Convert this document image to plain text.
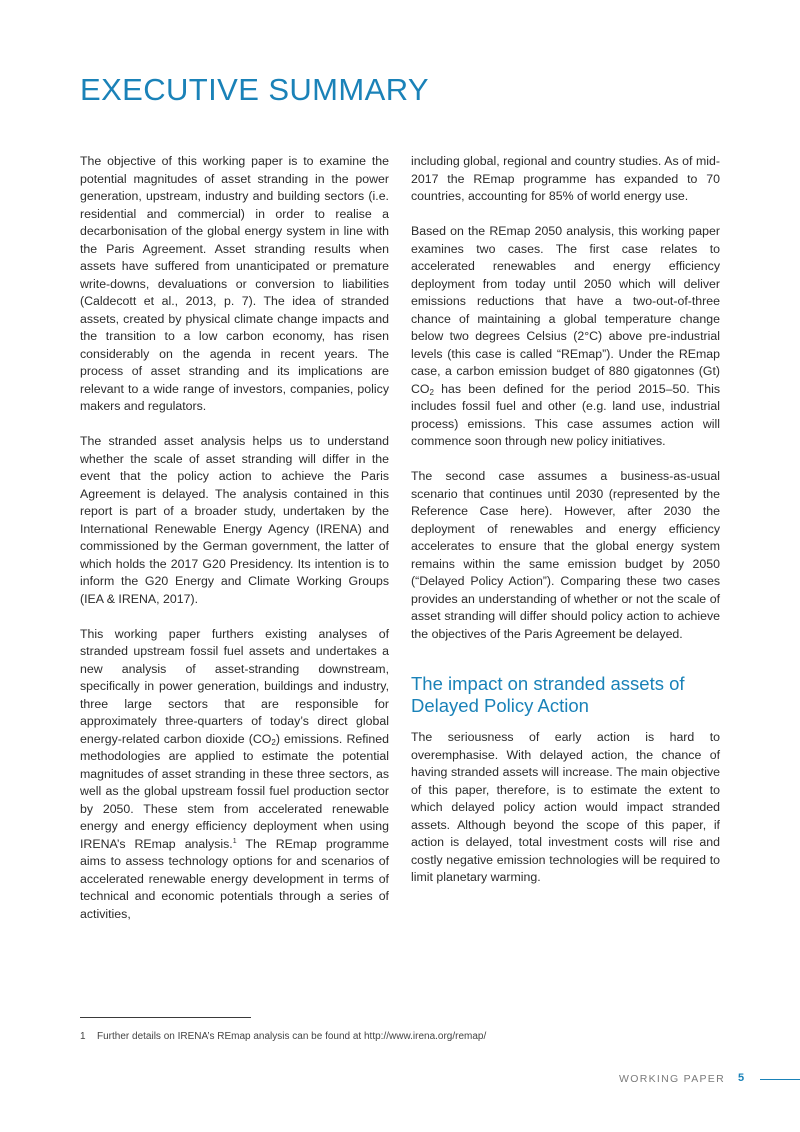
EXECUTIVE SUMMARY

The objective of this working paper is to examine the potential magnitudes of asset stranding in the power generation, upstream, industry and building sectors (i.e. residential and commercial) in order to realise a decarbonisation of the global energy system in line with the Paris Agreement. Asset stranding results when assets have suffered from unanticipated or premature write-downs, devaluations or conversion to liabilities (Caldecott et al., 2013, p. 7). The idea of stranded assets, created by physical climate change impacts and the transition to a low carbon economy, has risen considerably on the agenda in recent years. The process of asset stranding and its implications are relevant to a wide range of investors, companies, policy makers and regulators.

The stranded asset analysis helps us to understand whether the scale of asset stranding will differ in the event that the policy action to achieve the Paris Agreement is delayed. The analysis contained in this report is part of a broader study, undertaken by the International Renewable Energy Agency (IRENA) and commissioned by the German government, the latter of which holds the 2017 G20 Presidency. Its intention is to inform the G20 Energy and Climate Working Groups (IEA & IRENA, 2017).

This working paper furthers existing analyses of stranded upstream fossil fuel assets and undertakes a new analysis of asset-stranding downstream, specifically in power generation, buildings and industry, three large sectors that are responsible for approximately three-quarters of today’s direct global energy-related carbon dioxide $(CO_2)$ emissions. Refined methodologies are applied to estimate the potential magnitudes of asset stranding in these three sectors, as well as the global upstream fossil fuel production sector by 2050. These stem from accelerated renewable energy and energy efficiency deployment when using IRENA’s REmap analysis.$^1$ The REmap programme aims to assess technology options for and scenarios of accelerated renewable energy development in terms of technical and economic potentials through a series of activities,

including global, regional and country studies. As of mid-2017 the REmap programme has expanded to 70 countries, accounting for 85% of world energy use.

Based on the REmap 2050 analysis, this working paper examines two cases. The first case relates to accelerated renewables and energy efficiency deployment from today until 2050 which will deliver emissions reductions that have a two-out-of-three chance of maintaining a global temperature change below two degrees Celsius (2°C) above pre-industrial levels (this case is called “REmap”). Under the REmap case, a carbon emission budget of 880 gigatonnes (Gt) $CO_2$ has been defined for the period 2015–50. This includes fossil fuel and other (e.g. land use, industrial process) emissions. This case assumes action will commence soon through new policy initiatives.

The second case assumes a business-as-usual scenario that continues until 2030 (represented by the Reference Case here). However, after 2030 the deployment of renewables and energy efficiency accelerates to ensure that the global energy system remains within the same emission budget by 2050 (“Delayed Policy Action”). Comparing these two cases provides an understanding of whether or not the scale of asset stranding will differ should policy action to achieve the objectives of the Paris Agreement be delayed.

The impact on stranded assets of Delayed Policy Action

The seriousness of early action is hard to overemphasise. With delayed action, the chance of having stranded assets will increase. The main objective of this paper, therefore, is to estimate the extent to which delayed policy action would impact stranded assets. Although beyond the scope of this paper, if action is delayed, total investment costs will rise and costly negative emission technologies will be required to limit planetary warming.

1 Further details on IRENA’s REmap analysis can be found at http://www.irena.org/remap/
WORKING PAPER 5
